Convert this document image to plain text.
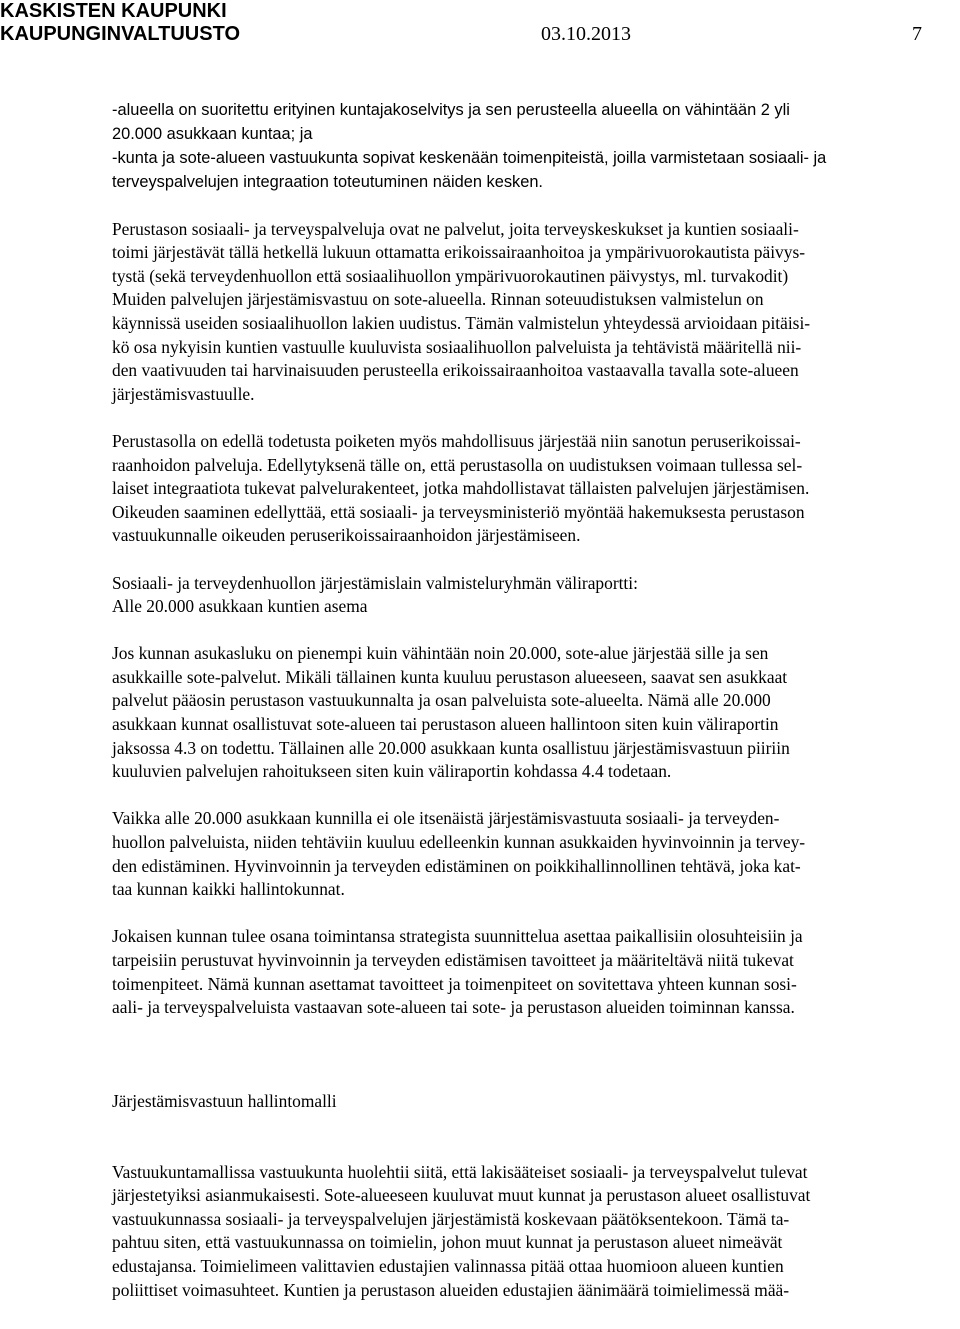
KASKISTEN KAUPUNKI
KAUPUNGINVALTUUSTO	03.10.2013	7
-alueella on suoritettu erityinen kuntajakoselvitys ja sen perusteella alueella on vähintään 2 yli
20.000 asukkaan kuntaa; ja
-kunta ja sote-alueen vastuukunta sopivat keskenään toimenpiteistä, joilla varmistetaan sosiaali- ja
terveyspalvelujen integraation toteutuminen näiden kesken.
Perustason sosiaali- ja terveyspalveluja ovat ne palvelut, joita terveyskeskukset ja kuntien sosiaali-
toimi järjestävät tällä hetkellä lukuun ottamatta erikoissairaanhoitoa ja ympärivuorokautista päivys-
tystä (sekä terveydenhuollon että sosiaalihuollon ympärivuorokautinen päivystys, ml. turvakodit)
Muiden palvelujen järjestämisvastuu on sote-alueella. Rinnan soteuudistuksen valmistelun on
käynnissä useiden sosiaalihuollon lakien uudistus. Tämän valmistelun yhteydessä arvioidaan pitäisi-
kö osa nykyisin kuntien vastuulle kuuluvista sosiaalihuollon palveluista ja tehtävistä määritellä nii-
den vaativuuden tai harvinaisuuden perusteella erikoissairaanhoitoa vastaavalla tavalla sote-alueen
järjestämisvastuulle.
Perustasolla on edellä todetusta poiketen myös mahdollisuus järjestää niin sanotun peruserikoissai-
raanhoidon palveluja. Edellytyksenä tälle on, että perustasolla on uudistuksen voimaan tullessa sel-
laiset integraatiota tukevat palvelurakenteet, jotka mahdollistavat tällaisten palvelujen järjestämisen.
Oikeuden saaminen edellyttää, että sosiaali- ja terveysministeriö myöntää hakemuksesta perustason
vastuukunnalle oikeuden peruserikoissairaanhoidon järjestämiseen.
Sosiaali- ja terveydenhuollon järjestämislain valmisteluryhmän väliraportti:
Alle 20.000 asukkaan kuntien asema
Jos kunnan asukasluku on pienempi kuin vähintään noin 20.000, sote-alue järjestää sille ja sen
asukkaille sote-palvelut. Mikäli tällainen kunta kuuluu perustason alueeseen, saavat sen asukkaat
palvelut pääosin perustason vastuukunnalta ja osan palveluista sote-alueelta. Nämä alle 20.000
asukkaan kunnat osallistuvat sote-alueen tai perustason alueen hallintoon siten kuin väliraportin
jaksossa 4.3 on todettu. Tällainen alle 20.000 asukkaan kunta osallistuu järjestämisvastuun piiriin
kuuluvien palvelujen rahoitukseen siten kuin väliraportin kohdassa 4.4 todetaan.
Vaikka alle 20.000 asukkaan kunnilla ei ole itsenäistä järjestämisvastuuta sosiaali- ja terveyden-
huollon palveluista, niiden tehtäviin kuuluu edelleenkin kunnan asukkaiden hyvinvoinnin ja tervey-
den edistäminen. Hyvinvoinnin ja terveyden edistäminen on poikkihallinnollinen tehtävä, joka kat-
taa kunnan kaikki hallintokunnat.
Jokaisen kunnan tulee osana toimintansa strategista suunnittelua asettaa paikallisiin olosuhteisiin ja
tarpeisiin perustuvat hyvinvoinnin ja terveyden edistämisen tavoitteet ja määriteltävä niitä tukevat
toimenpiteet. Nämä kunnan asettamat tavoitteet ja toimenpiteet on sovitettava yhteen kunnan sosi-
aali- ja terveyspalveluista vastaavan sote-alueen tai sote- ja perustason alueiden toiminnan kanssa.
Järjestämisvastuun hallintomalli
Vastuukuntamallissa vastuukunta huolehtii siitä, että lakisääteiset sosiaali- ja terveyspalvelut tulevat
järjestetyiksi asianmukaisesti. Sote-alueeseen kuuluvat muut kunnat ja perustason alueet osallistuvat
vastuukunnassa sosiaali- ja terveyspalvelujen järjestämistä koskevaan päätöksentekoon. Tämä ta-
pahtuu siten, että vastuukunnassa on toimielin, johon muut kunnat ja perustason alueet nimeävät
edustajansa. Toimielimeen valittavien edustajien valinnassa pitää ottaa huomioon alueen kuntien
poliittiset voimasuhteet. Kuntien ja perustason alueiden edustajien äänimäärä toimielimessä mää-
